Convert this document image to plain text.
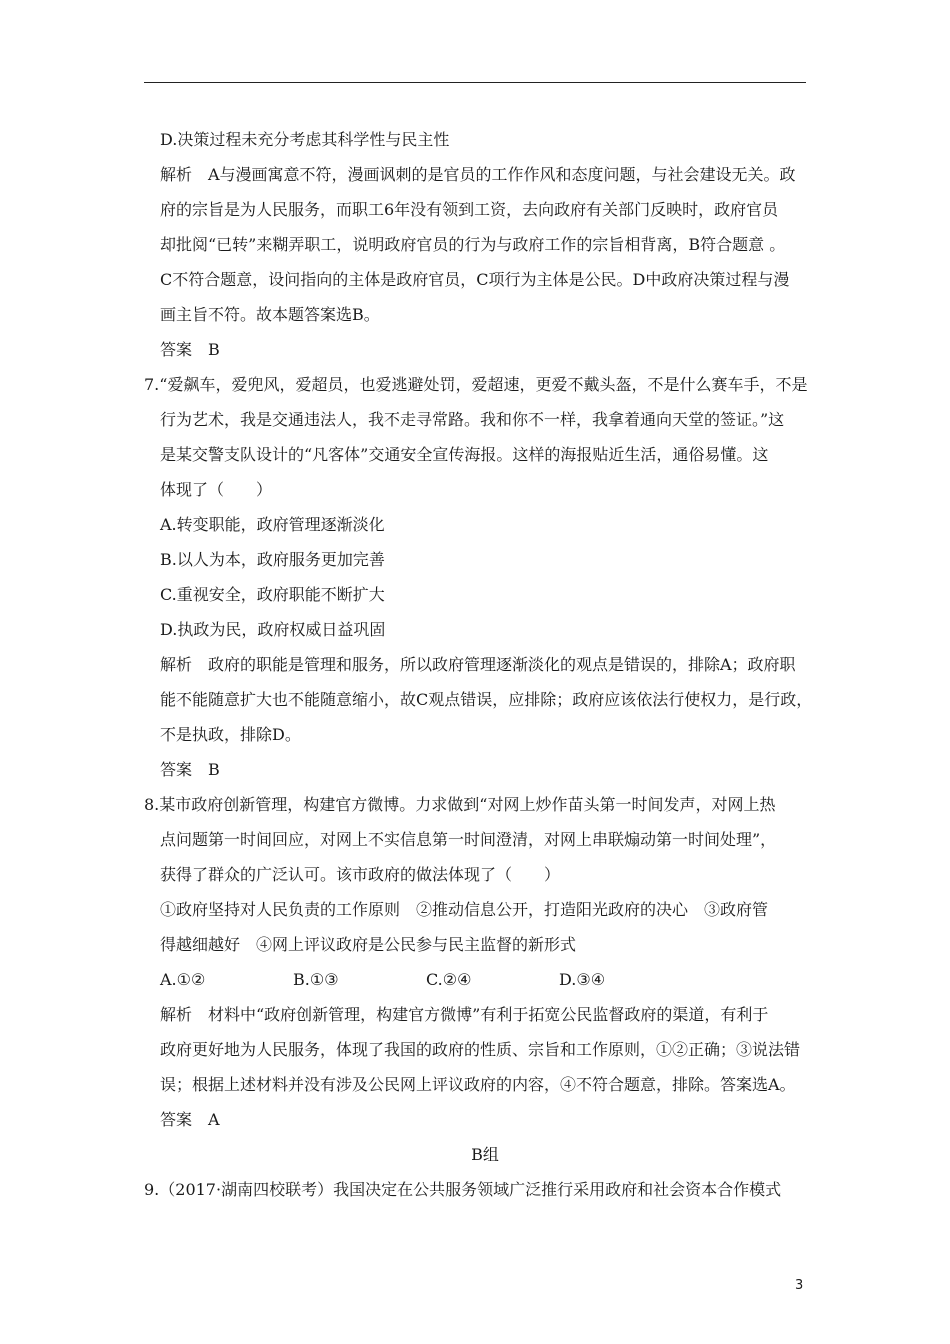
D.决策过程未充分考虑其科学性与民主性
解析　A与漫画寓意不符，漫画讽刺的是官员的工作作风和态度问题，与社会建设无关。政
府的宗旨是为人民服务，而职工6年没有领到工资，去向政府有关部门反映时，政府官员
却批阅“已转”来糊弄职工，说明政府官员的行为与政府工作的宗旨相背离，B符合题意 。
C不符合题意，设问指向的主体是政府官员，C项行为主体是公民。D中政府决策过程与漫
画主旨不符。故本题答案选B。
答案　B
7.“爱飙车，爱兜风，爱超员，也爱逃避处罚，爱超速，更爱不戴头盔，不是什么赛车手，不是
行为艺术，我是交通违法人，我不走寻常路。我和你不一样，我拿着通向天堂的签证。”这
是某交警支队设计的“凡客体”交通安全宣传海报。这样的海报贴近生活，通俗易懂。这
体现了（　　）
A.转变职能，政府管理逐渐淡化
B.以人为本，政府服务更加完善
C.重视安全，政府职能不断扩大
D.执政为民，政府权威日益巩固
解析　政府的职能是管理和服务，所以政府管理逐渐淡化的观点是错误的，排除A；政府职
能不能随意扩大也不能随意缩小，故C观点错误，应排除；政府应该依法行使权力，是行政，
不是执政，排除D。
答案　B
8.某市政府创新管理，构建官方微博。力求做到“对网上炒作苗头第一时间发声，对网上热
点问题第一时间回应，对网上不实信息第一时间澄清，对网上串联煽动第一时间处理”，
获得了群众的广泛认可。该市政府的做法体现了（　　）
①政府坚持对人民负责的工作原则　②推动信息公开，打造阳光政府的决心　③政府管
得越细越好　④网上评议政府是公民参与民主监督的新形式
A.①②	B.①③	C.②④	D.③④
解析　材料中“政府创新管理，构建官方微博”有利于拓宽公民监督政府的渠道，有利于
政府更好地为人民服务，体现了我国的政府的性质、宗旨和工作原则，①②正确；③说法错
误；根据上述材料并没有涉及公民网上评议政府的内容，④不符合题意，排除。答案选A。
答案　A
B组
9.（2017·湖南四校联考）我国决定在公共服务领域广泛推行采用政府和社会资本合作模式
3
